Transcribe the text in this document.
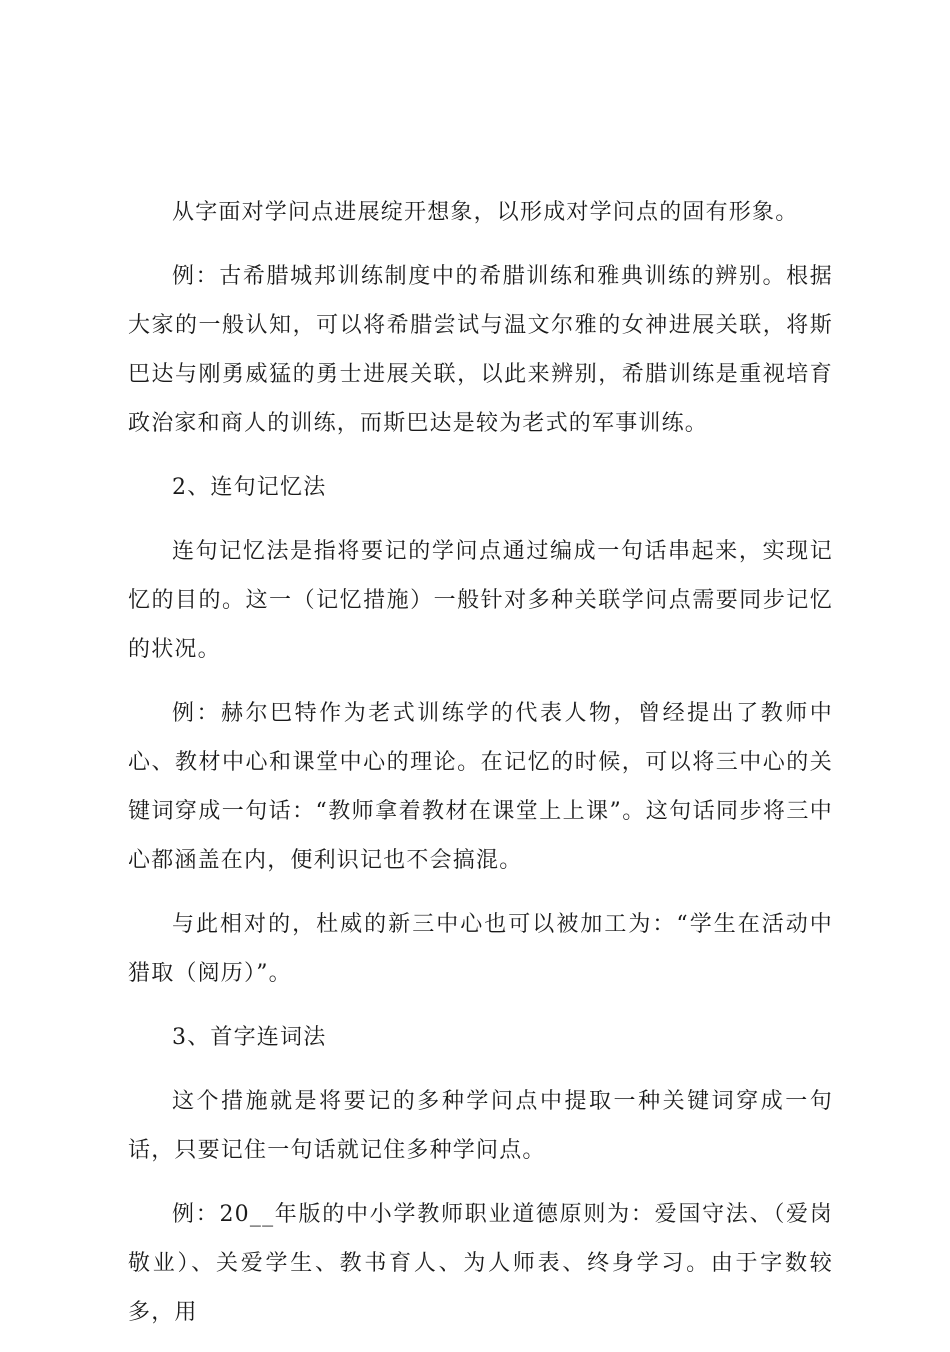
从字面对学问点进展绽开想象，以形成对学问点的固有形象。

例：古希腊城邦训练制度中的希腊训练和雅典训练的辨别。根据大家的一般认知，可以将希腊尝试与温文尔雅的女神进展关联，将斯巴达与刚勇威猛的勇士进展关联，以此来辨别，希腊训练是重视培育政治家和商人的训练，而斯巴达是较为老式的军事训练。

2、连句记忆法

连句记忆法是指将要记的学问点通过编成一句话串起来，实现记忆的目的。这一（记忆措施）一般针对多种关联学问点需要同步记忆的状况。

例：赫尔巴特作为老式训练学的代表人物，曾经提出了教师中心、教材中心和课堂中心的理论。在记忆的时候，可以将三中心的关键词穿成一句话：“教师拿着教材在课堂上上课”。这句话同步将三中心都涵盖在内，便利识记也不会搞混。

与此相对的，杜威的新三中心也可以被加工为：“学生在活动中猎取（阅历）”。

3、首字连词法

这个措施就是将要记的多种学问点中提取一种关键词穿成一句话，只要记住一句话就记住多种学问点。

例：20__年版的中小学教师职业道德原则为：爱国守法、（爱岗敬业）、关爱学生、教书育人、为人师表、终身学习。由于字数较多，用
